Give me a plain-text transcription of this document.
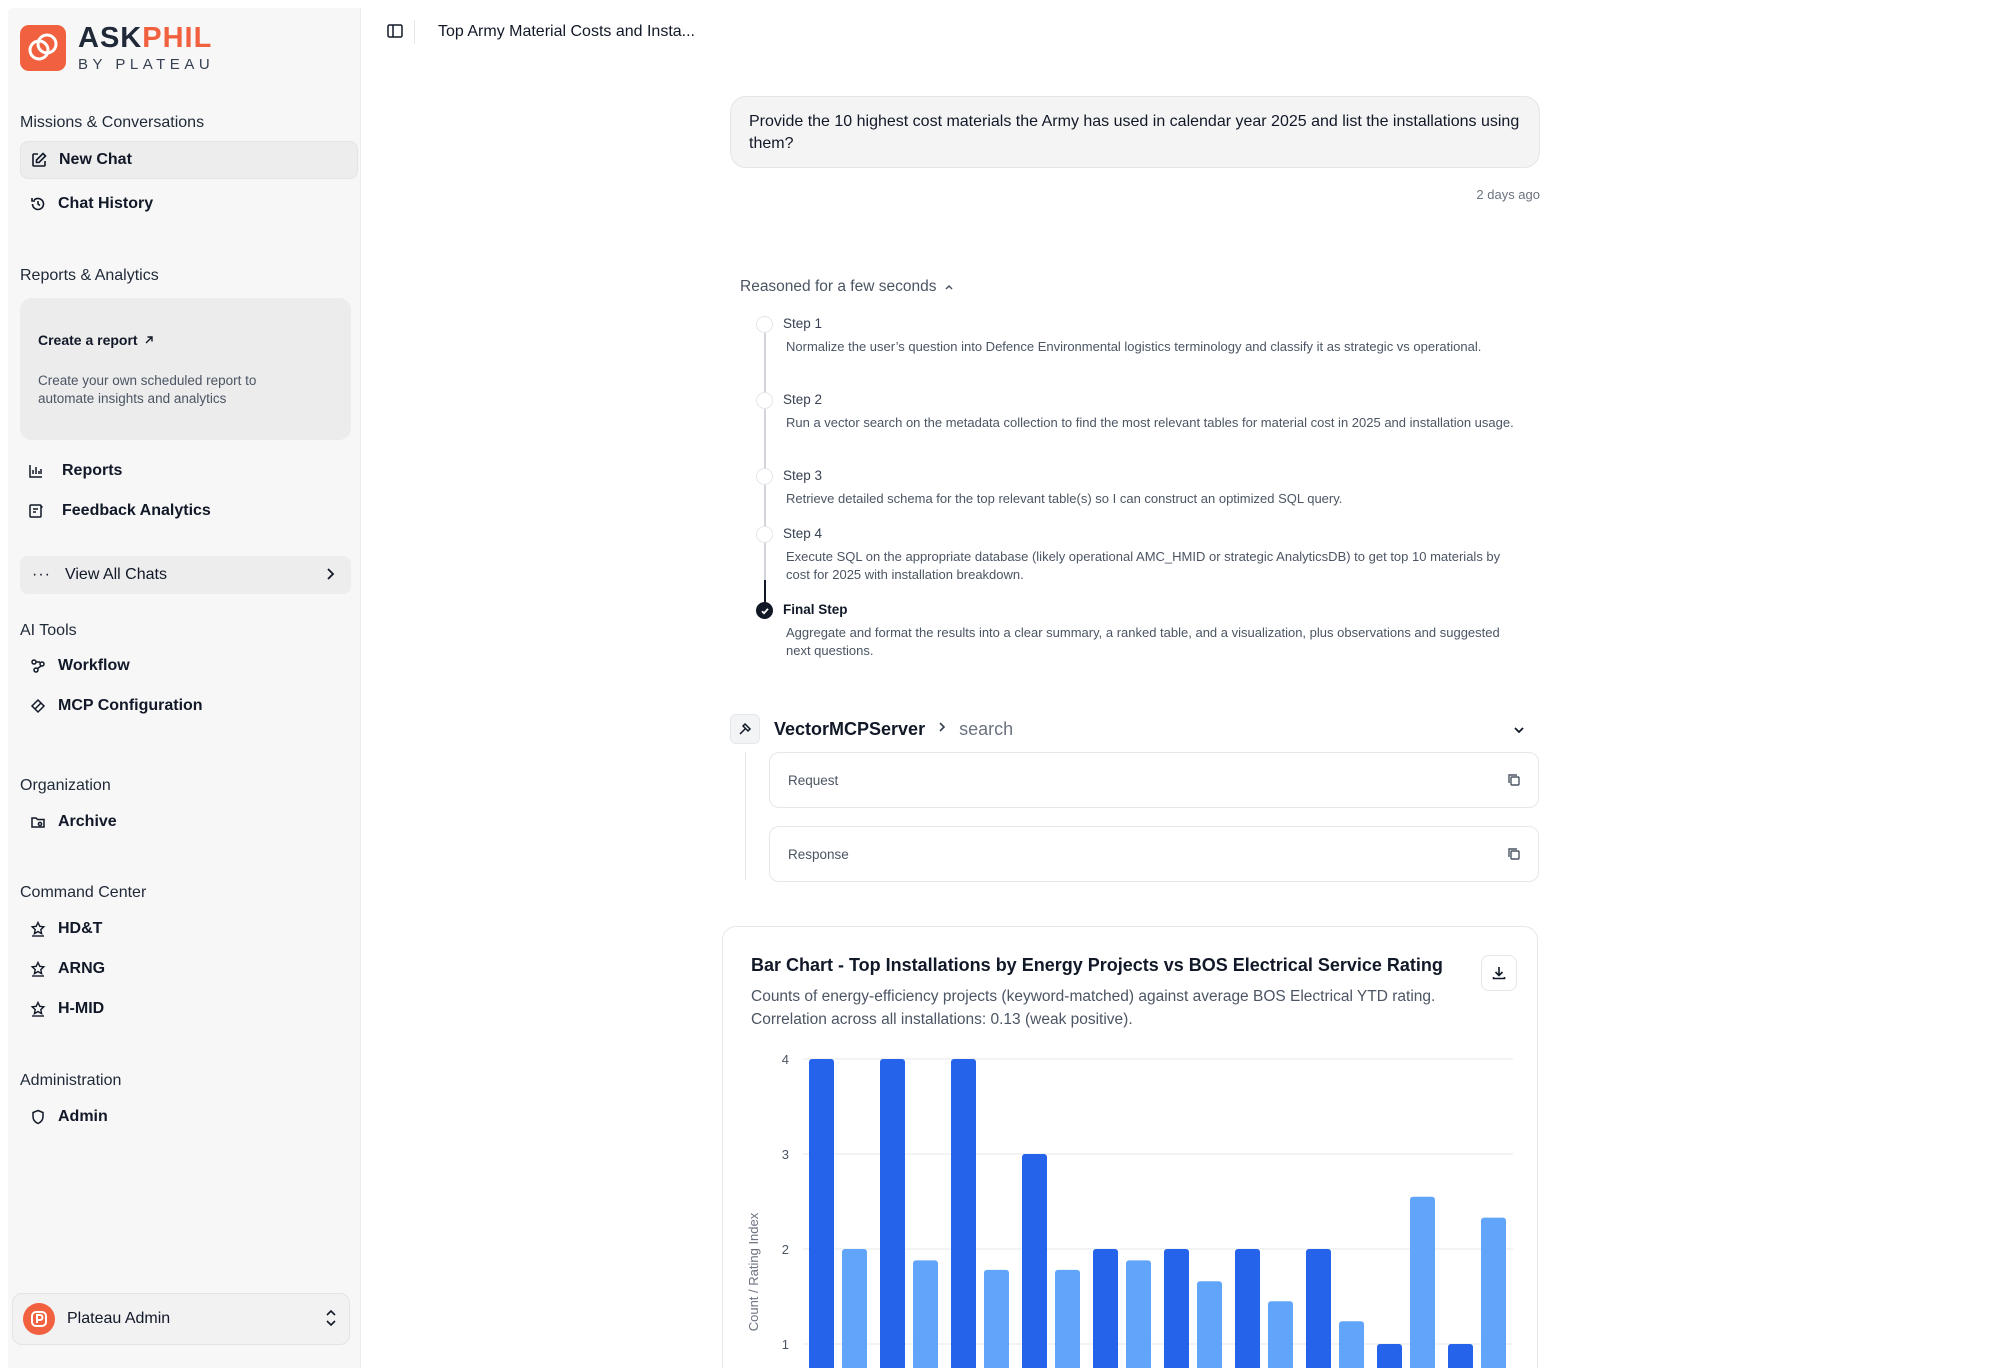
ASKPHIL
BY PLATEAU
Missions & Conversations
New Chat
Chat History
Reports & Analytics
Create a report
Create your own scheduled report to automate insights and analytics
Reports
Feedback Analytics
··· View All Chats
AI Tools
Workflow
MCP Configuration
Organization
Archive
Command Center
HD&T
ARNG
H-MID
Administration
Admin
Plateau Admin
Top Army Material Costs and Insta...
Provide the 10 highest cost materials the Army has used in calendar year 2025 and list the installations using them?
2 days ago
Reasoned for a few seconds
Step 1
Normalize the user’s question into Defence Environmental logistics terminology and classify it as strategic vs operational.
Step 2
Run a vector search on the metadata collection to find the most relevant tables for material cost in 2025 and installation usage.
Step 3
Retrieve detailed schema for the top relevant table(s) so I can construct an optimized SQL query.
Step 4
Execute SQL on the appropriate database (likely operational AMC_HMID or strategic AnalyticsDB) to get top 10 materials by cost for 2025 with installation breakdown.
Final Step
Aggregate and format the results into a clear summary, a ranked table, and a visualization, plus observations and suggested next questions.
VectorMCPServer search
Request
Response
Bar Chart - Top Installations by Energy Projects vs BOS Electrical Service Rating
Counts of energy-efficiency projects (keyword-matched) against average BOS Electrical YTD rating. Correlation across all installations: 0.13 (weak positive).
1
2
3
4
Count / Rating Index
